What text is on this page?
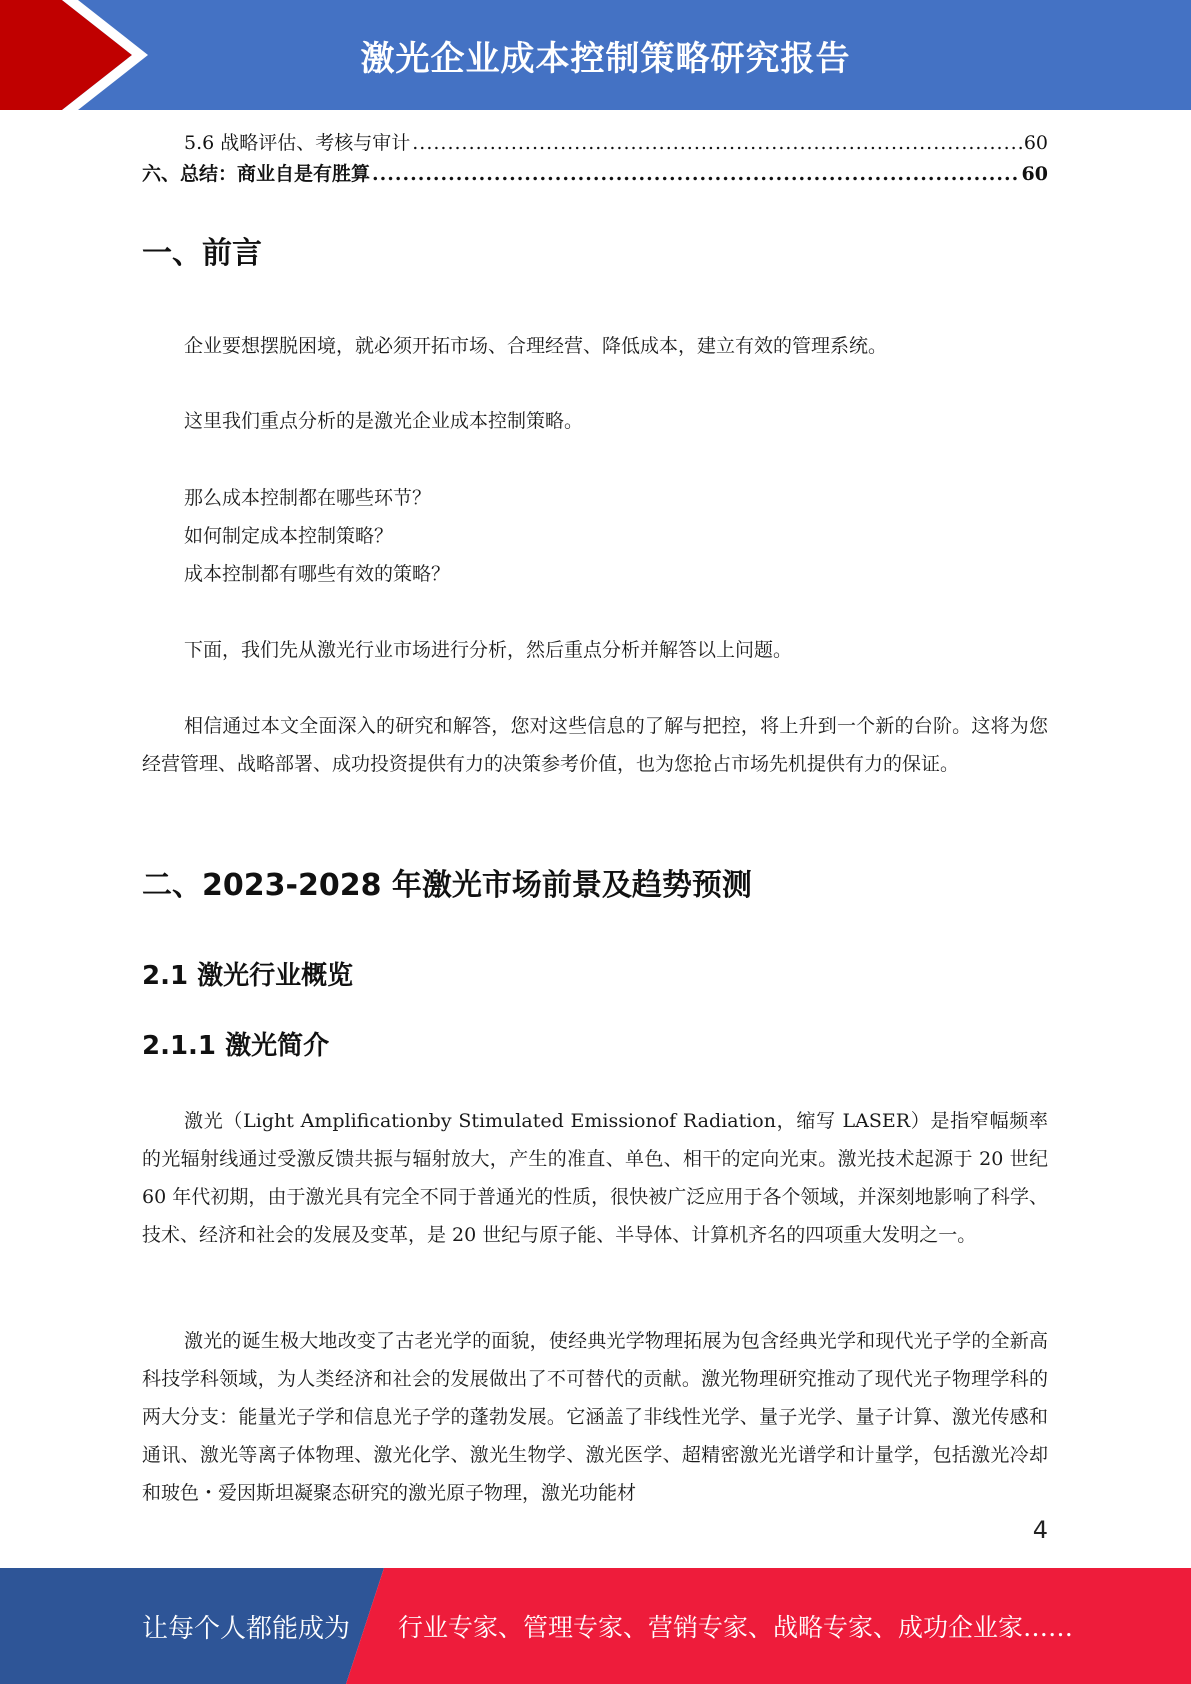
激光企业成本控制策略研究报告
5.6 战略评估、考核与审计 .....	60
六、总结：商业自是有胜算 .....	60
一、前言
企业要想摆脱困境，就必须开拓市场、合理经营、降低成本，建立有效的管理系统。
这里我们重点分析的是激光企业成本控制策略。
那么成本控制都在哪些环节？
如何制定成本控制策略？
成本控制都有哪些有效的策略？
下面，我们先从激光行业市场进行分析，然后重点分析并解答以上问题。

相信通过本文全面深入的研究和解答，您对这些信息的了解与把控，将上升到一个新的台阶。这将为您经营管理、战略部署、成功投资提供有力的决策参考价值，也为您抢占市场先机提供有力的保证。

二、2023-2028 年激光市场前景及趋势预测
2.1 激光行业概览
2.1.1 激光简介

激光（Light Amplificationby Stimulated Emissionof Radiation，缩写 LASER）是指窄幅频率的光辐射线通过受激反馈共振与辐射放大，产生的准直、单色、相干的定向光束。激光技术起源于 20 世纪 60 年代初期，由于激光具有完全不同于普通光的性质，很快被广泛应用于各个领域，并深刻地影响了科学、技术、经济和社会的发展及变革，是 20 世纪与原子能、半导体、计算机齐名的四项重大发明之一。

激光的诞生极大地改变了古老光学的面貌，使经典光学物理拓展为包含经典光学和现代光子学的全新高科技学科领域，为人类经济和社会的发展做出了不可替代的贡献。激光物理研究推动了现代光子物理学科的两大分支：能量光子学和信息光子学的蓬勃发展。它涵盖了非线性光学、量子光学、量子计算、激光传感和通讯、激光等离子体物理、激光化学、激光生物学、激光医学、超精密激光光谱学和计量学，包括激光冷却和玻色・爱因斯坦凝聚态研究的激光原子物理，激光功能材

4
让每个人都能成为 行业专家、管理专家、营销专家、战略专家、成功企业家……
